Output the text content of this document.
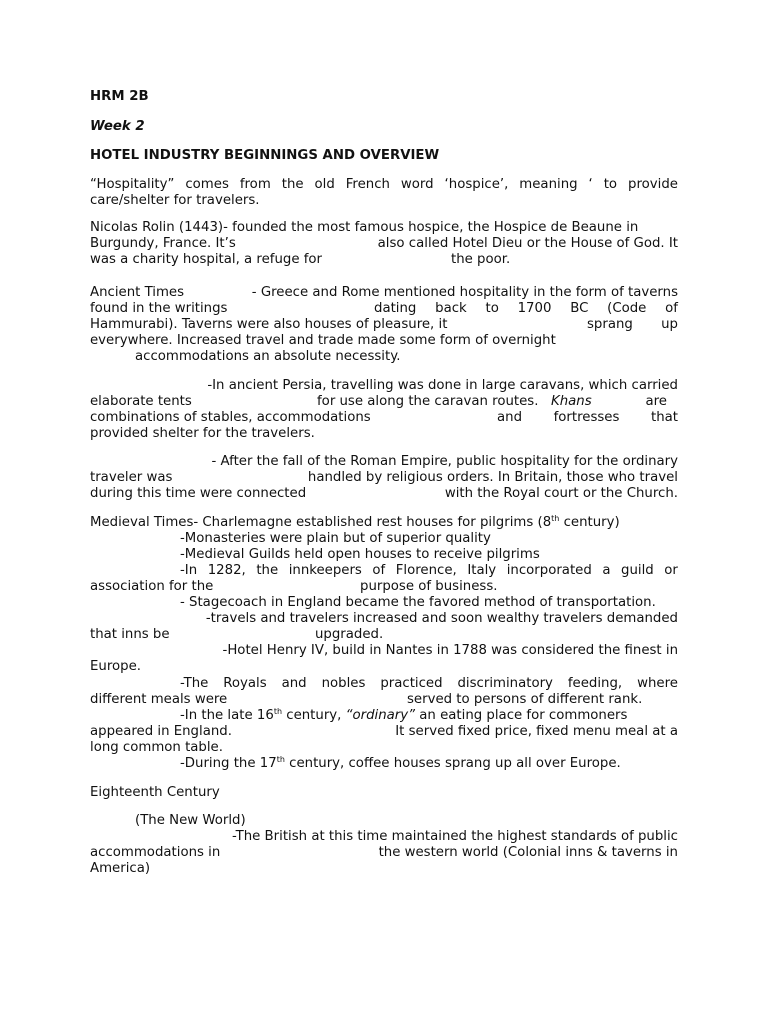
HRM 2B
Week 2
HOTEL INDUSTRY BEGINNINGS AND OVERVIEW
“Hospitality” comes from the old French word ‘hospice’, meaning ‘ to provide
care/shelter for travelers.
Nicolas Rolin (1443)- founded the most famous hospice, the Hospice de Beaune in
Burgundy, France. It’s	also called Hotel Dieu or the House of God. It
was a charity hospital, a refuge for	the poor.
Ancient Times	- Greece and Rome mentioned hospitality in the form of taverns
found in the writings	dating back to 1700 BC (Code of
Hammurabi). Taverns were also houses of pleasure, it	sprang up
everywhere. Increased travel and trade made some form of overnight
accommodations an absolute necessity.
-In ancient Persia, travelling was done in large caravans, which carried
elaborate tents	for use along the caravan routes. Khans	are
combinations of stables, accommodations	and fortresses that
provided shelter for the travelers.
- After the fall of the Roman Empire, public hospitality for the ordinary
traveler was	handled by religious orders. In Britain, those who travel
during this time were connected	with the Royal court or the Church.
Medieval Times- Charlemagne established rest houses for pilgrims (8th century)
-Monasteries were plain but of superior quality
-Medieval Guilds held open houses to receive pilgrims
-In 1282, the innkeepers of Florence, Italy incorporated a guild or
association for the	purpose of business.
- Stagecoach in England became the favored method of transportation.
-travels and travelers increased and soon wealthy travelers demanded
that inns be	upgraded.
-Hotel Henry IV, build in Nantes in 1788 was considered the finest in
Europe.
-The Royals and nobles practiced discriminatory feeding, where
different meals were	served to persons of different rank.
-In the late 16th century, “ordinary” an eating place for commoners
appeared in England.	It served fixed price, fixed menu meal at a
long common table.
-During the 17th century, coffee houses sprang up all over Europe.
Eighteenth Century
(The New World)
-The British at this time maintained the highest standards of public
accommodations in	the western world (Colonial inns & taverns in
America)
